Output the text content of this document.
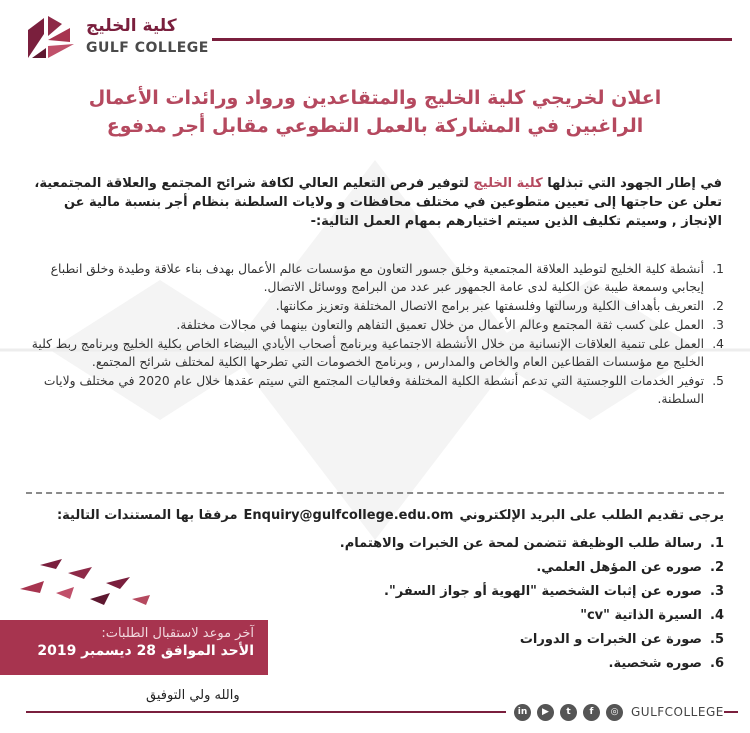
كلية الخليج
GULF COLLEGE
اعلان لخريجي كلية الخليج والمتقاعدين ورواد ورائدات الأعمال
الراغبين في المشاركة بالعمل التطوعي مقابل أجر مدفوع
في إطار الجهود التي تبذلها كلية الخليج لتوفير فرص التعليم العالي لكافة شرائح المجتمع والعلاقة المجتمعية، تعلن عن حاجتها إلى تعيين متطوعين في مختلف محافظات و ولايات السلطنة بنظام أجر بنسبة مالية عن الإنجاز , وسيتم تكليف الذين سيتم اختيارهم بمهام العمل التالية:-
1.
أنشطة كلية الخليج لتوطيد العلاقة المجتمعية وخلق جسور التعاون مع مؤسسات عالم الأعمال بهدف بناء علاقة وطيدة وخلق انطباع إيجابي وسمعة طيبة عن الكلية لدى عامة الجمهور عبر عدد من البرامج ووسائل الاتصال.
2.
التعريف بأهداف الكلية ورسالتها وفلسفتها عبر برامج الاتصال المختلفة وتعزيز مكانتها.
3.
العمل على كسب ثقة المجتمع وعالم الأعمال من خلال تعميق التفاهم والتعاون بينهما في مجالات مختلفة.
4.
العمل على تنمية العلاقات الإنسانية من خلال الأنشطة الاجتماعية وبرنامج أصحاب الأيادي البيضاء الخاص بكلية الخليج وبرنامج ربط كلية الخليج مع مؤسسات القطاعين العام والخاص والمدارس , وبرنامج الخصومات التي تطرحها الكلية لمختلف شرائح المجتمع.
5.
توفير الخدمات اللوجستية التي تدعم أنشطة الكلية المختلفة وفعاليات المجتمع التي سيتم عقدها خلال عام 2020 في مختلف ولايات السلطنة.
يرجى تقديم الطلب على البريد الإلكترونيEnquiry@gulfcollege.edu.omمرفقا بها المستندات التالية:
1.
رسالة طلب الوظيفة تتضمن لمحة عن الخبرات والاهتمام.
2.
صوره عن المؤهل العلمي.
3.
صوره عن إثبات الشخصية "الهوية أو جواز السفر".
4.
السيرة الذاتية "cv"
5.
صورة عن الخبرات و الدورات
6.
صوره شخصية.
آخر موعد لاستقبال الطلبات:
الأحد الموافق 28 ديسمبر 2019
والله ولي التوفيق
in	▶	t	f	◎	GULFCOLLEGE
